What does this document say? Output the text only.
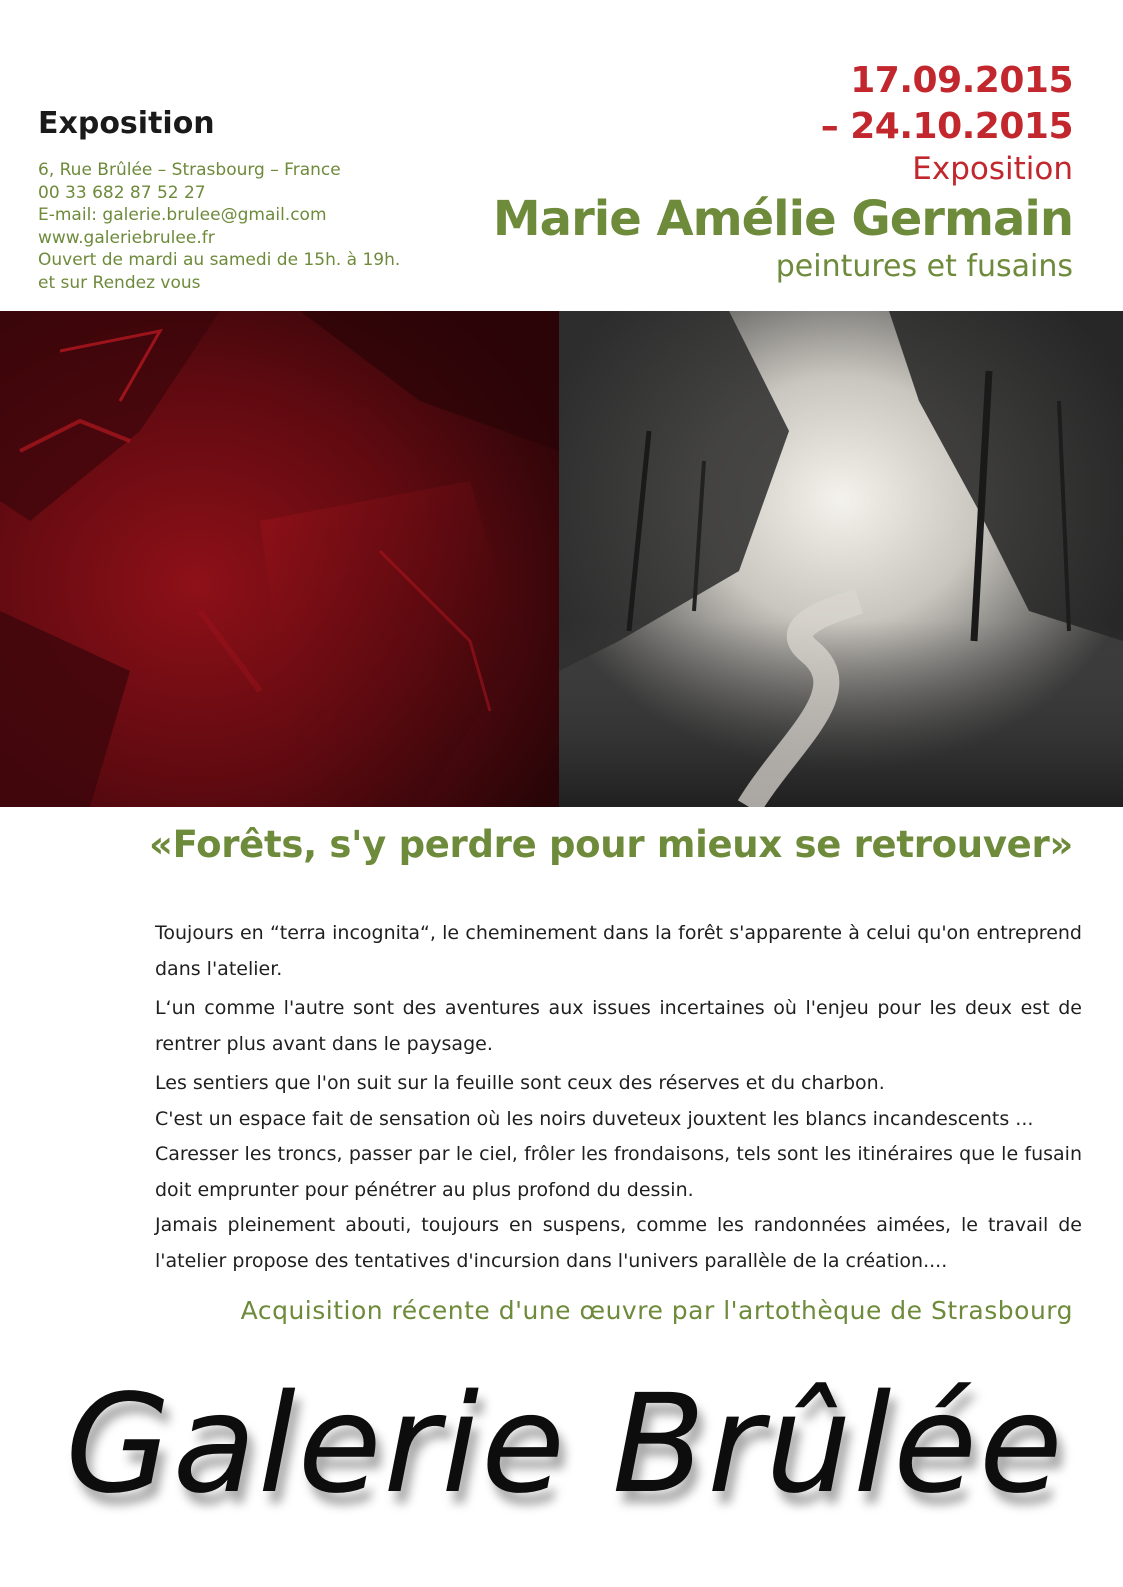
Exposition

6, Rue Brûlée – Strasbourg – France

00 33 682 87 52 27

E-mail: galerie.brulee@gmail.com

www.galeriebrulee.fr

Ouvert de mardi au samedi de 15h. à 19h.

et sur Rendez vous

17.09.2015

– 24.10.2015

Exposition

Marie Amélie Germain

peintures et fusains

«Forêts, s'y perdre pour mieux se retrouver»

Toujours en “terra incognita“, le cheminement dans la forêt s'apparente à celui qu'on entreprend dans l'atelier.

L‘un comme l'autre sont des aventures aux issues incertaines où l'enjeu pour les deux est de rentrer plus avant dans le paysage.

Les sentiers que l'on suit sur la feuille sont ceux des réserves et du charbon.

C'est un espace fait de sensation où les noirs duveteux jouxtent les blancs incandescents ...

Caresser les troncs, passer par le ciel, frôler les frondaisons, tels sont les itinéraires que le fusain doit emprunter pour pénétrer au plus profond du dessin.

Jamais pleinement abouti, toujours en suspens, comme les randonnées aimées, le travail de l'atelier propose des tentatives d'incursion dans l'univers parallèle de la création....

Acquisition récente d'une œuvre par l'artothèque de Strasbourg

Galerie Brûlée
